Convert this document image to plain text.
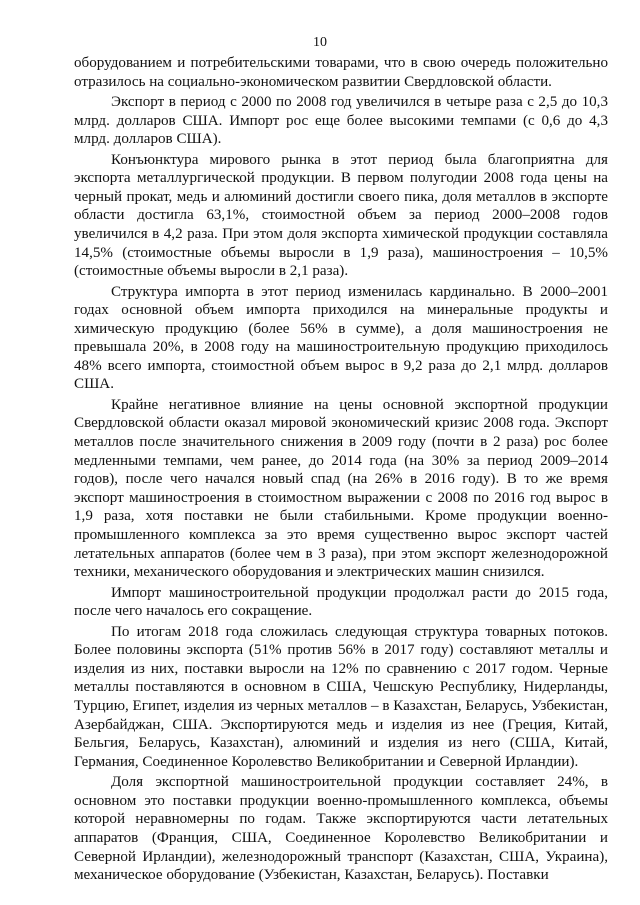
10

оборудованием и потребительскими товарами, что в свою очередь положительно отразилось на социально-экономическом развитии Свердловской области.

Экспорт в период с 2000 по 2008 год увеличился в четыре раза с 2,5 до 10,3 млрд. долларов США. Импорт рос еще более высокими темпами (с 0,6 до 4,3 млрд. долларов США).

Конъюнктура мирового рынка в этот период была благоприятна для экспорта металлургической продукции. В первом полугодии 2008 года цены на черный прокат, медь и алюминий достигли своего пика, доля металлов в экспорте области достигла 63,1%, стоимостной объем за период 2000–2008 годов увеличился в 4,2 раза. При этом доля экспорта химической продукции составляла 14,5% (стоимостные объемы выросли в 1,9 раза), машиностроения – 10,5% (стоимостные объемы выросли в 2,1 раза).

Структура импорта в этот период изменилась кардинально. В 2000–2001 годах основной объем импорта приходился на минеральные продукты и химическую продукцию (более 56% в сумме), а доля машиностроения не превышала 20%, в 2008 году на машиностроительную продукцию приходилось 48% всего импорта, стоимостной объем вырос в 9,2 раза до 2,1 млрд. долларов США.

Крайне негативное влияние на цены основной экспортной продукции Свердловской области оказал мировой экономический кризис 2008 года. Экспорт металлов после значительного снижения в 2009 году (почти в 2 раза) рос более медленными темпами, чем ранее, до 2014 года (на 30% за период 2009–2014 годов), после чего начался новый спад (на 26% в 2016 году). В то же время экспорт машиностроения в стоимостном выражении с 2008 по 2016 год вырос в 1,9 раза, хотя поставки не были стабильными. Кроме продукции военно-промышленного комплекса за это время существенно вырос экспорт частей летательных аппаратов (более чем в 3 раза), при этом экспорт железнодорожной техники, механического оборудования и электрических машин снизился.

Импорт машиностроительной продукции продолжал расти до 2015 года, после чего началось его сокращение.

По итогам 2018 года сложилась следующая структура товарных потоков. Более половины экспорта (51% против 56% в 2017 году) составляют металлы и изделия из них, поставки выросли на 12% по сравнению с 2017 годом. Черные металлы поставляются в основном в США, Чешскую Республику, Нидерланды, Турцию, Египет, изделия из черных металлов – в Казахстан, Беларусь, Узбекистан, Азербайджан, США. Экспортируются медь и изделия из нее (Греция, Китай, Бельгия, Беларусь, Казахстан), алюминий и изделия из него (США, Китай, Германия, Соединенное Королевство Великобритании и Северной Ирландии).

Доля экспортной машиностроительной продукции составляет 24%, в основном это поставки продукции военно-промышленного комплекса, объемы которой неравномерны по годам. Также экспортируются части летательных аппаратов (Франция, США, Соединенное Королевство Великобритании и Северной Ирландии), железнодорожный транспорт (Казахстан, США, Украина), механическое оборудование (Узбекистан, Казахстан, Беларусь). Поставки
